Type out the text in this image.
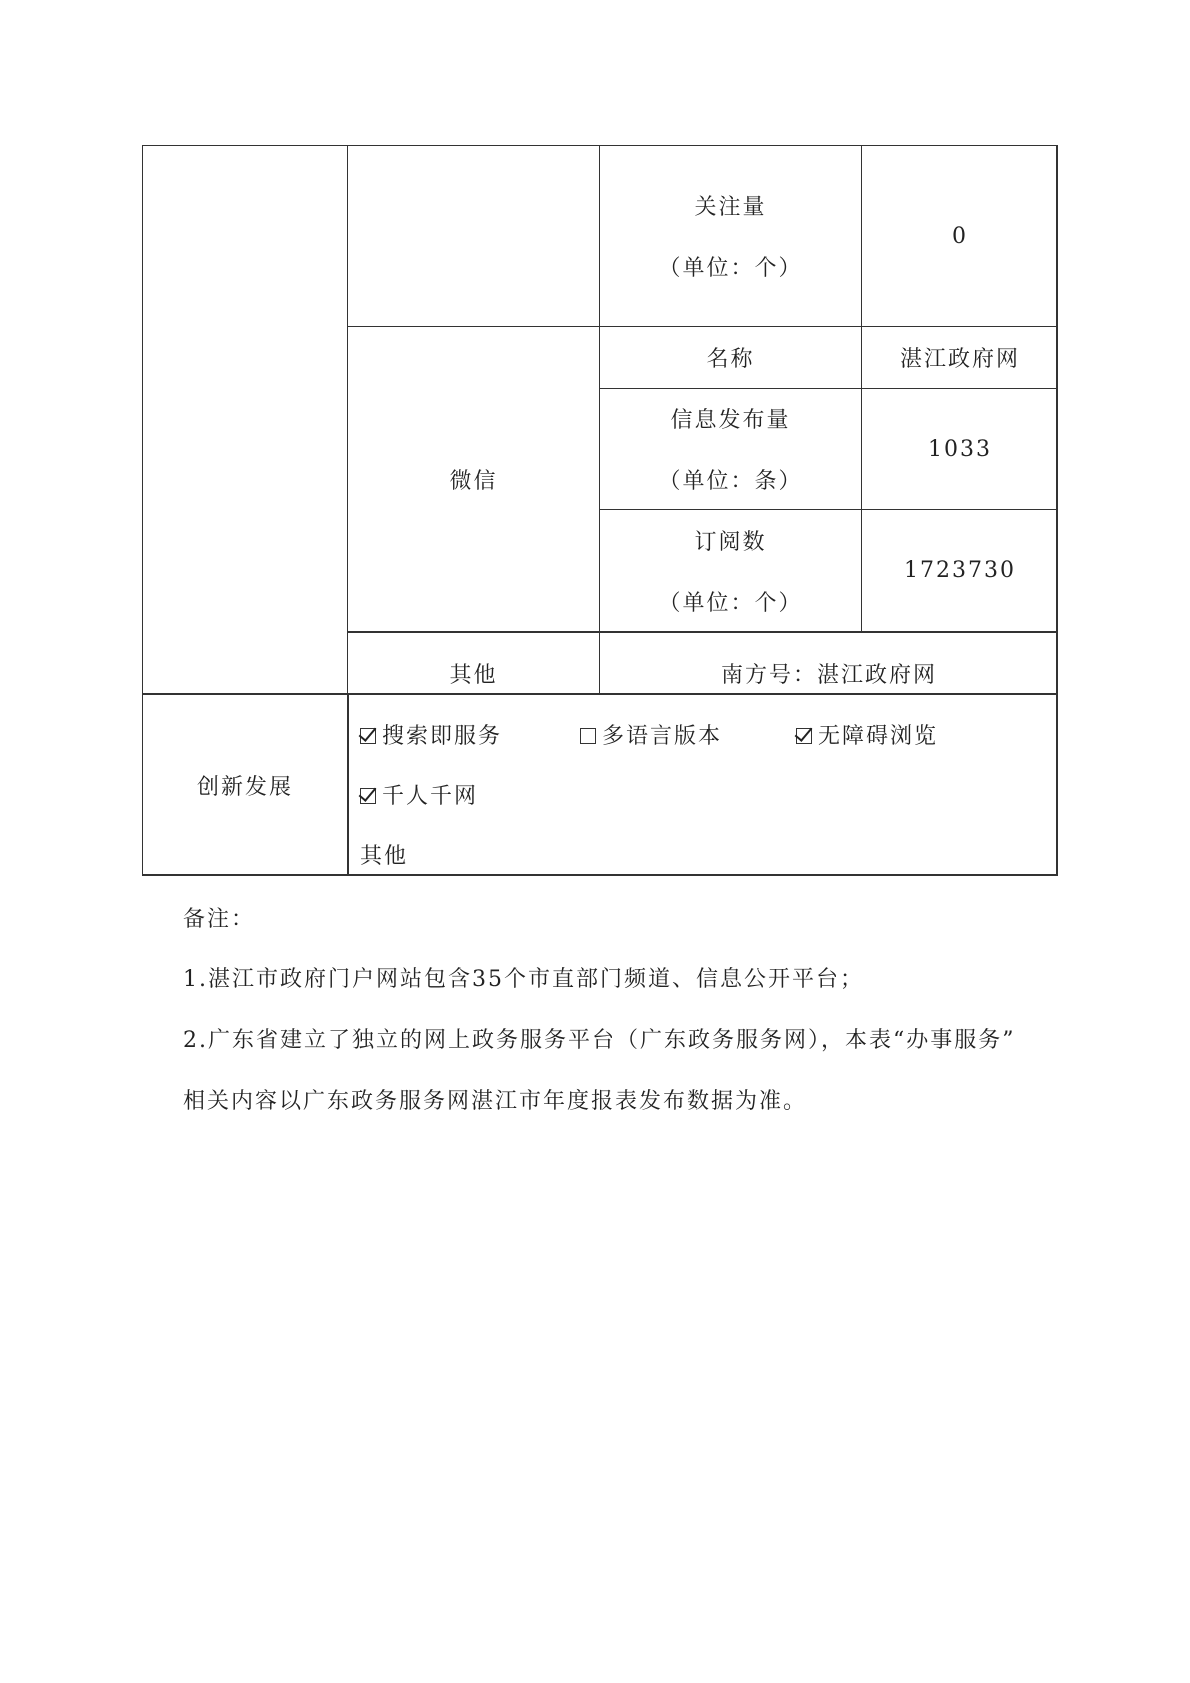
创新发展
微信
其他
关注量
（单位：个）
名称
信息发布量
（单位：条）
订阅数
（单位：个）
0
湛江政府网
1033
1723730
南方号：湛江政府网
搜索即服务	多语言版本	无障碍浏览
千人千网
其他
备注：
1.湛江市政府门户网站包含35个市直部门频道、信息公开平台；
2.广东省建立了独立的网上政务服务平台（广东政务服务网），本表“办事服务”
相关内容以广东政务服务网湛江市年度报表发布数据为准。
